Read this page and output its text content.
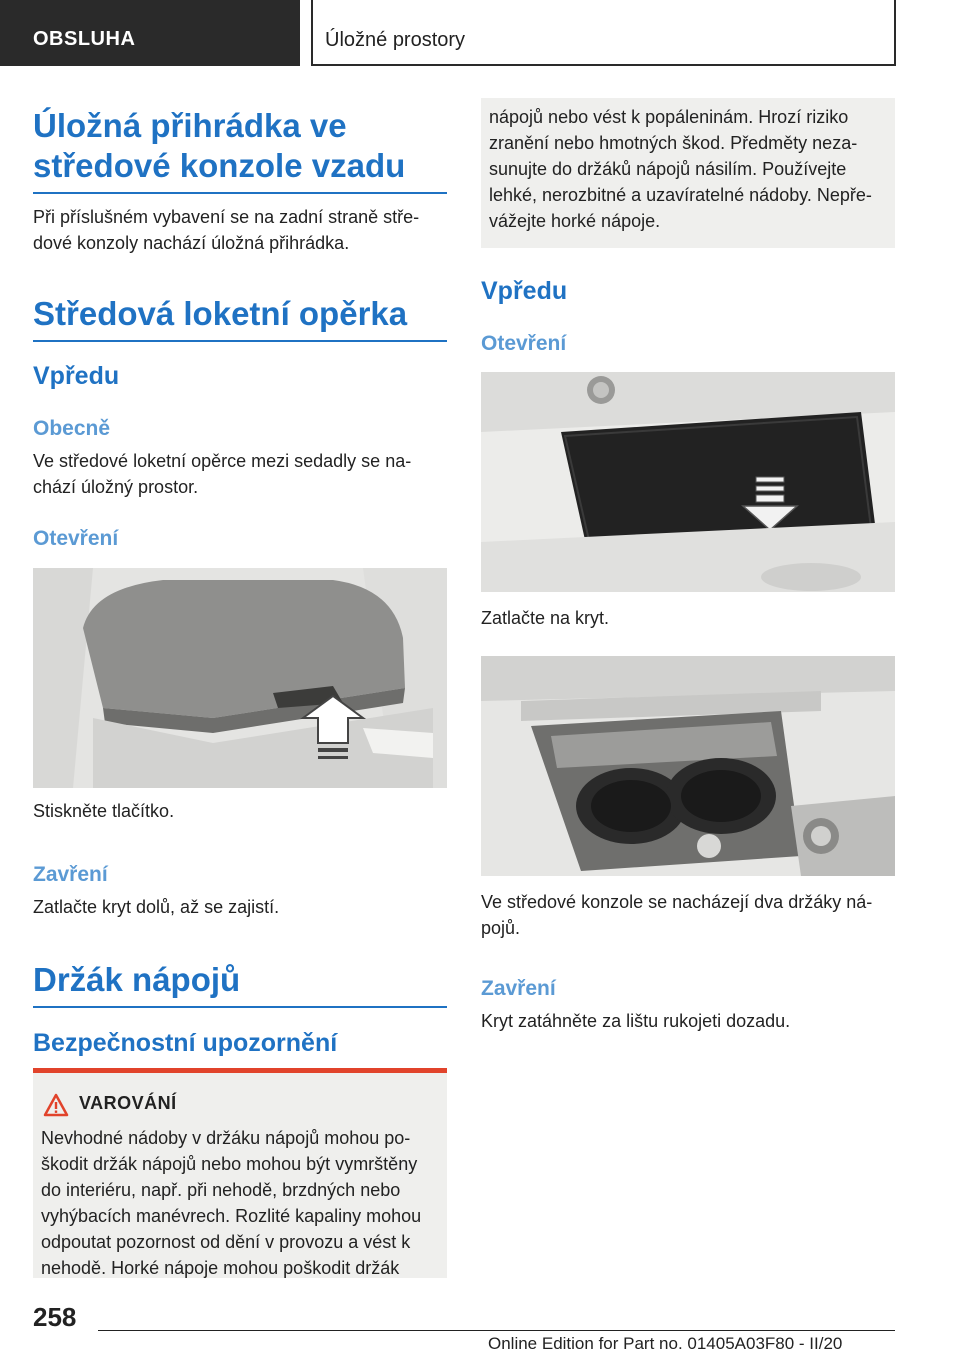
OBSLUHA	Úložné prostory
Úložná přihrádka ve středové konzole vzadu

Při příslušném vybavení se na zadní straně stře-dové konzoly nachází úložná přihrádka.

Středová loketní opěrka
Vpředu
Obecně

Ve středové loketní opěrce mezi sedadly se na-chází úložný prostor.

Otevření

Stiskněte tlačítko.

Zavření

Zatlačte kryt dolů, až se zajistí.

Držák nápojů
Bezpečnostní upozornění
VAROVÁNÍ
Nevhodné nádoby v držáku nápojů mohou po-škodit držák nápojů nebo mohou být vymrštěny do interiéru, např. při nehodě, brzdných nebo vyhýbacích manévrech. Rozlité kapaliny mohou odpoutat pozornost od dění v provozu a vést k nehodě. Horké nápoje mohou poškodit držák
nápojů nebo vést k popáleninám. Hrozí riziko zranění nebo hmotných škod. Předměty neza-sunujte do držáků nápojů násilím. Používejte lehké, nerozbitné a uzavíratelné nádoby. Nepře-vážejte horké nápoje.
Vpředu
Otevření

Zatlačte na kryt.

Ve středové konzole se nacházejí dva držáky ná-pojů.

Zavření

Kryt zatáhněte za lištu rukojeti dozadu.

258
Online Edition for Part no. 01405A03F80 - II/20
